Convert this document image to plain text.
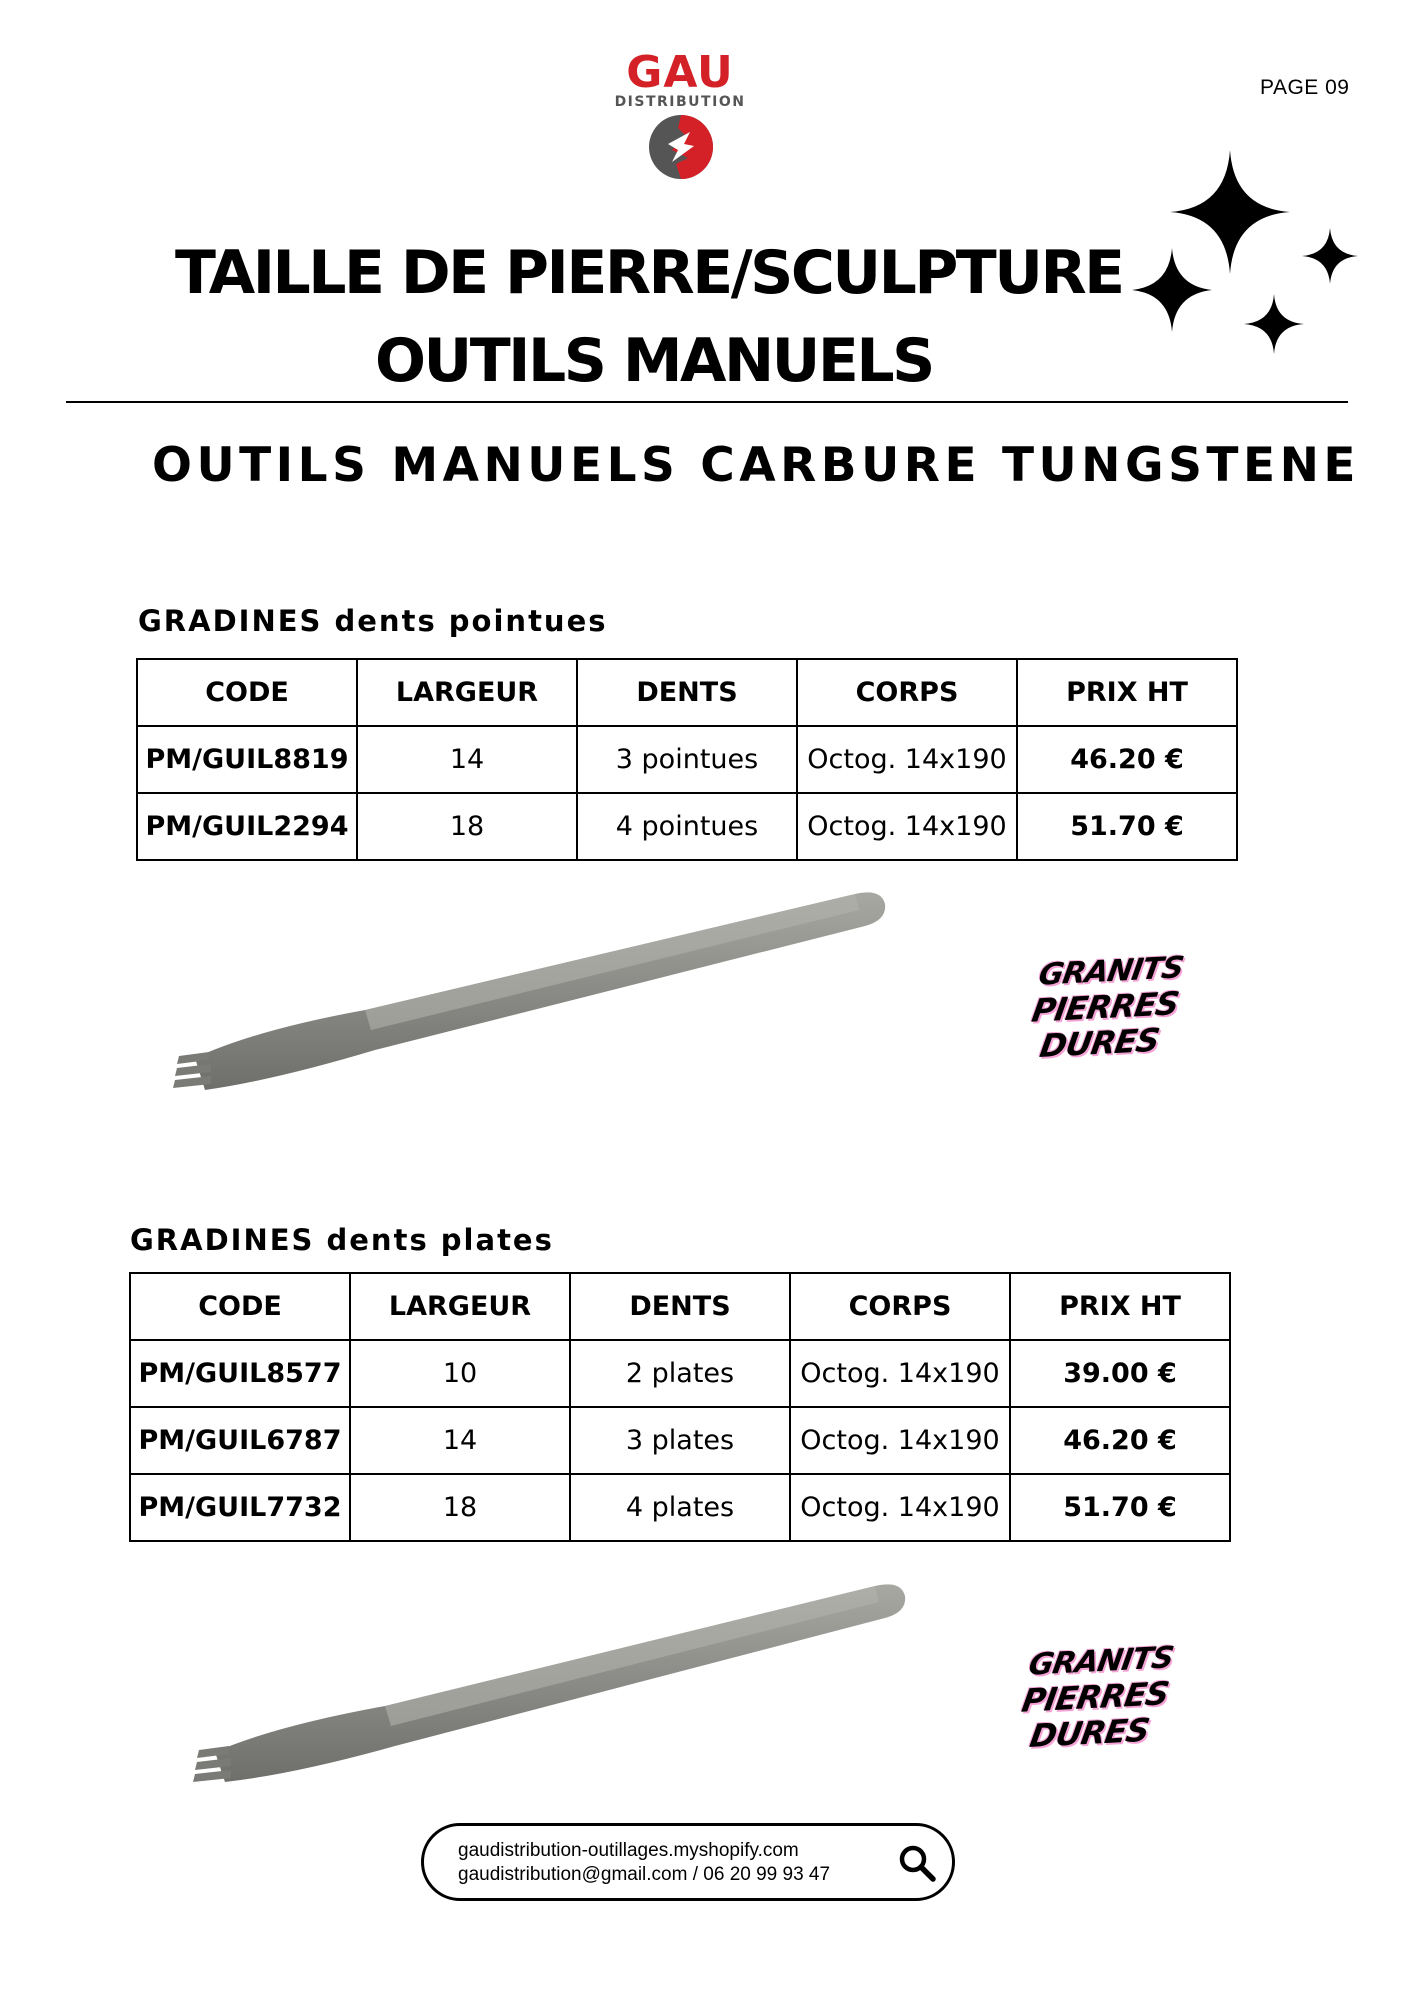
GAU
DISTRIBUTION
PAGE 09
TAILLE DE PIERRE/SCULPTURE
OUTILS MANUELS
OUTILS MANUELS CARBURE TUNGSTENE
GRADINES dents pointues
CODE	LARGEUR	DENTS	CORPS	PRIX HT
PM/GUIL8819	14	3 pointues	Octog. 14x190	46.20 €
PM/GUIL2294	18	4 pointues	Octog. 14x190	51.70 €
GRANITS
PIERRES DURES
GRADINES dents plates
CODE	LARGEUR	DENTS	CORPS	PRIX HT
PM/GUIL8577	10	2 plates	Octog. 14x190	39.00 €
PM/GUIL6787	14	3 plates	Octog. 14x190	46.20 €
PM/GUIL7732	18	4 plates	Octog. 14x190	51.70 €
GRANITS
PIERRES DURES
gaudistribution-outillages.myshopify.com
gaudistribution@gmail.com / 06 20 99 93 47
